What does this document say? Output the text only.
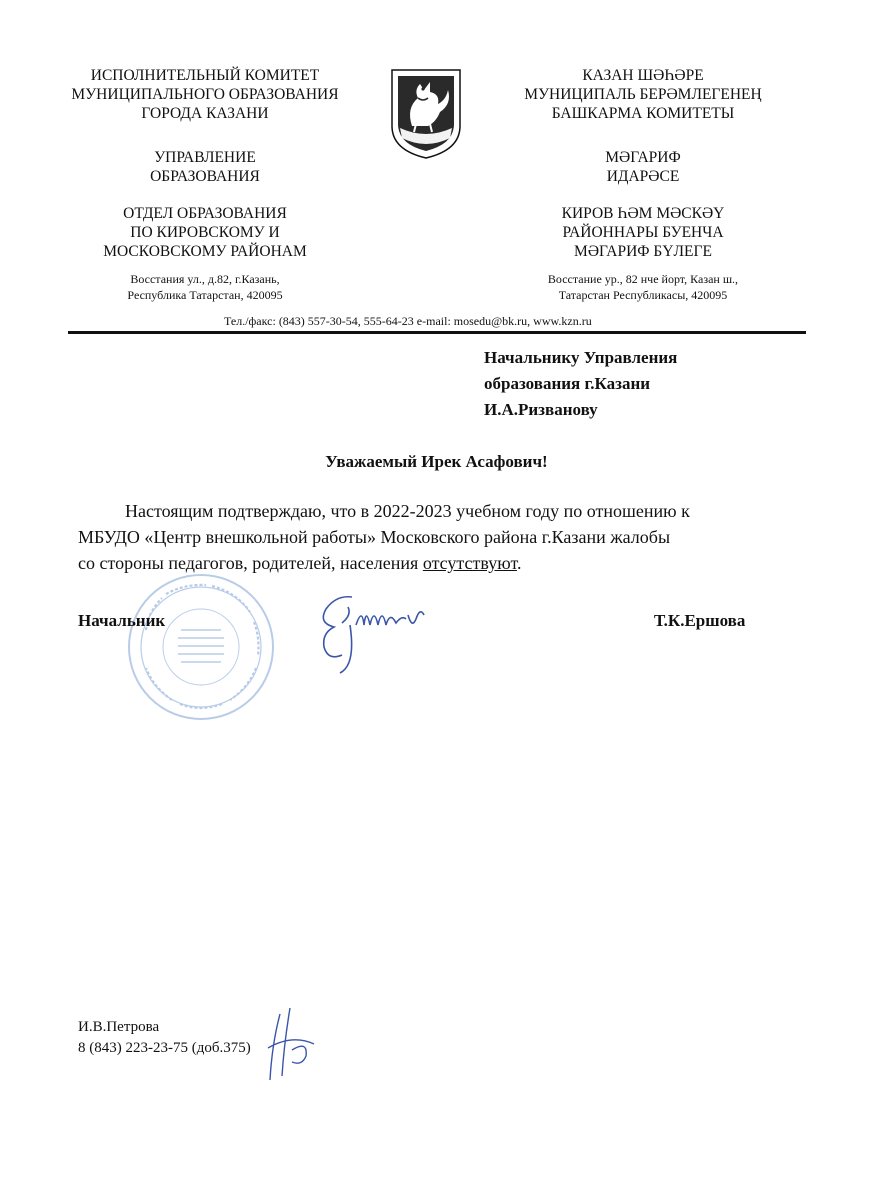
ИСПОЛНИТЕЛЬНЫЙ КОМИТЕТ
МУНИЦИПАЛЬНОГО ОБРАЗОВАНИЯ
ГОРОДА КАЗАНИ
УПРАВЛЕНИЕ
ОБРАЗОВАНИЯ
ОТДЕЛ ОБРАЗОВАНИЯ
ПО КИРОВСКОМУ И
МОСКОВСКОМУ РАЙОНАМ
Восстания ул., д.82, г.Казань,
Республика Татарстан, 420095
КАЗАН ШӘҺӘРЕ
МУНИЦИПАЛЬ БЕРӘМЛЕГЕНЕҢ
БАШКАРМА КОМИТЕТЫ
МӘГАРИФ
ИДАРӘСЕ
КИРОВ ҺӘМ МӘСКӘҮ
РАЙОННАРЫ БУЕНЧА
МӘГАРИФ БҮЛЕГЕ
Восстание ур., 82 нче йорт, Казан ш.,
Татарстан Республикасы, 420095
Тел./факс: (843) 557-30-54, 555-64-23 e-mail: mosedu@bk.ru, www.kzn.ru
Начальнику Управления
образования г.Казани
И.А.Ризванову
Уважаемый Ирек Асафович!
Настоящим подтверждаю, что в 2022-2023 учебном году по отношению к
МБУДО «Центр внешкольной работы» Московского района г.Казани жалобы
со стороны педагогов, родителей, населения отсутствуют.
Начальник	Т.К.Ершова
И.В.Петрова
8 (843) 223-23-75 (доб.375)
